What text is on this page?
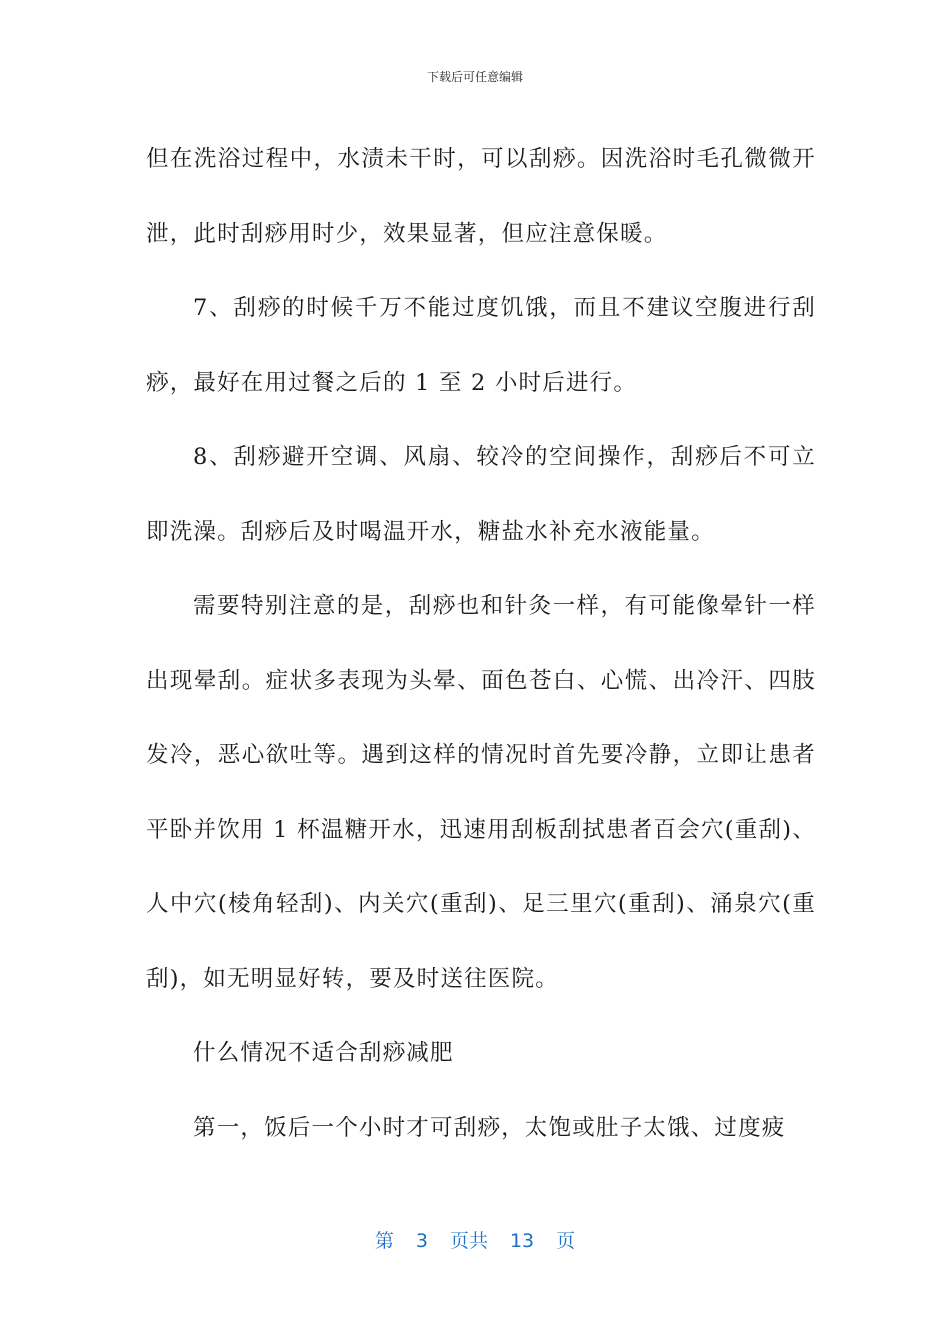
下载后可任意编辑

但在洗浴过程中，水渍未干时，可以刮痧。因洗浴时毛孔微微开泄，此时刮痧用时少，效果显著，但应注意保暖。

7、刮痧的时候千万不能过度饥饿，而且不建议空腹进行刮痧，最好在用过餐之后的 1 至 2 小时后进行。

8、刮痧避开空调、风扇、较冷的空间操作，刮痧后不可立即洗澡。刮痧后及时喝温开水，糖盐水补充水液能量。

需要特别注意的是，刮痧也和针灸一样，有可能像晕针一样出现晕刮。症状多表现为头晕、面色苍白、心慌、出冷汗、四肢发冷，恶心欲吐等。遇到这样的情况时首先要冷静，立即让患者平卧并饮用 1 杯温糖开水，迅速用刮板刮拭患者百会穴(重刮)、人中穴(棱角轻刮)、内关穴(重刮)、足三里穴(重刮)、涌泉穴(重刮)，如无明显好转，要及时送往医院。

什么情况不适合刮痧减肥

第一，饭后一个小时才可刮痧，太饱或肚子太饿、过度疲

第 3 页共 13 页
